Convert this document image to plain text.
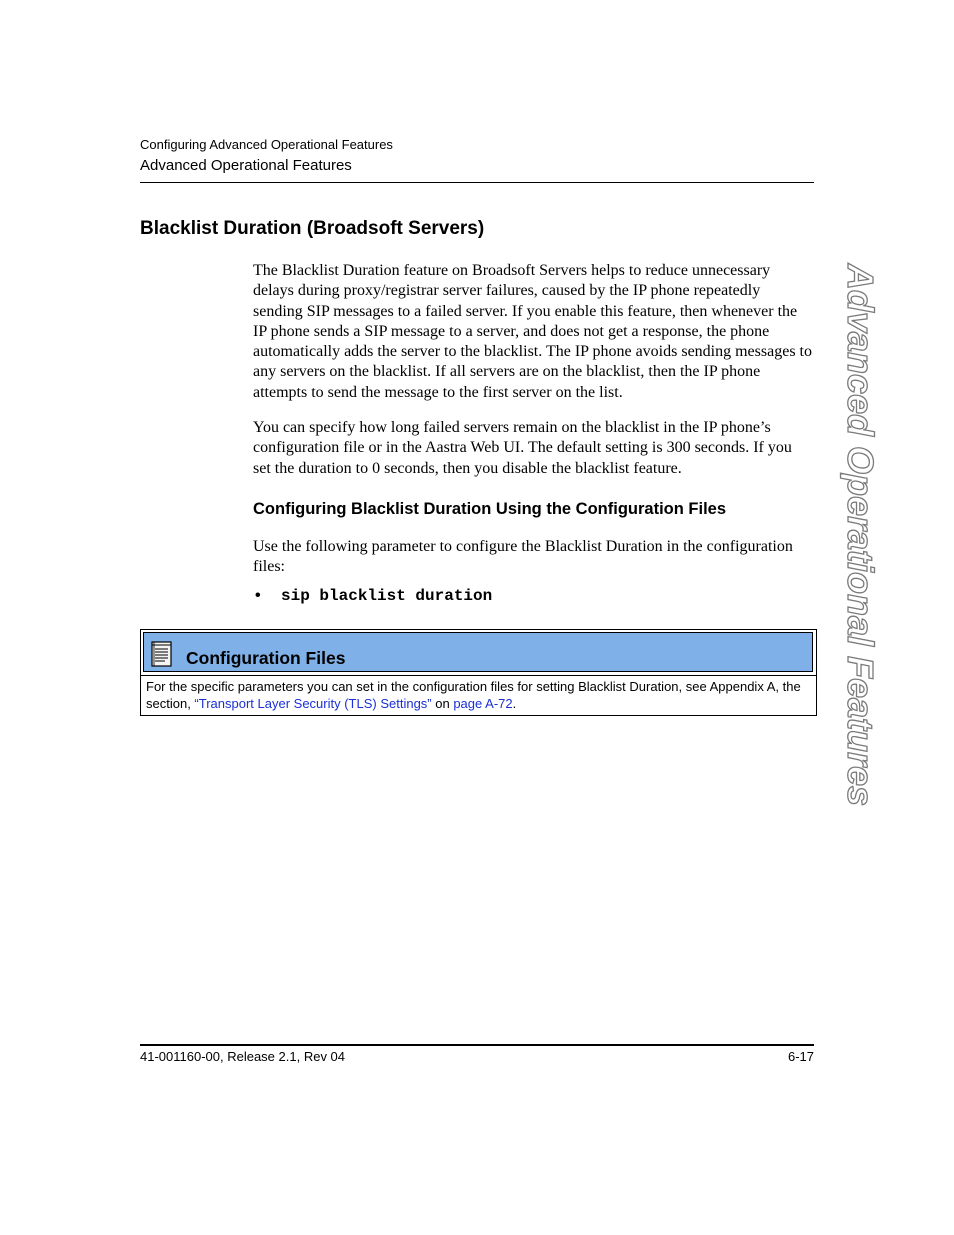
Configuring Advanced Operational Features
Advanced Operational Features
Blacklist Duration (Broadsoft Servers)

The Blacklist Duration feature on Broadsoft Servers helps to reduce unnecessary delays during proxy/registrar server failures, caused by the IP phone repeatedly sending SIP messages to a failed server. If you enable this feature, then whenever the IP phone sends a SIP message to a server, and does not get a response, the phone automatically adds the server to the blacklist. The IP phone avoids sending messages to any servers on the blacklist. If all servers are on the blacklist, then the IP phone attempts to send the message to the first server on the list.

You can specify how long failed servers remain on the blacklist in the IP phone’s configuration file or in the Aastra Web UI. The default setting is 300 seconds. If you set the duration to 0 seconds, then you disable the blacklist feature.

Configuring Blacklist Duration Using the Configuration Files

Use the following parameter to configure the Blacklist Duration in the configuration files:

• sip blacklist duration
Configuration Files

For the specific parameters you can set in the configuration files for setting Blacklist Duration, see Appendix A, the section, “Transport Layer Security (TLS) Settings” on page A-72.	Advanced Operational Features
41-001160-00, Release 2.1, Rev 04	6-17
